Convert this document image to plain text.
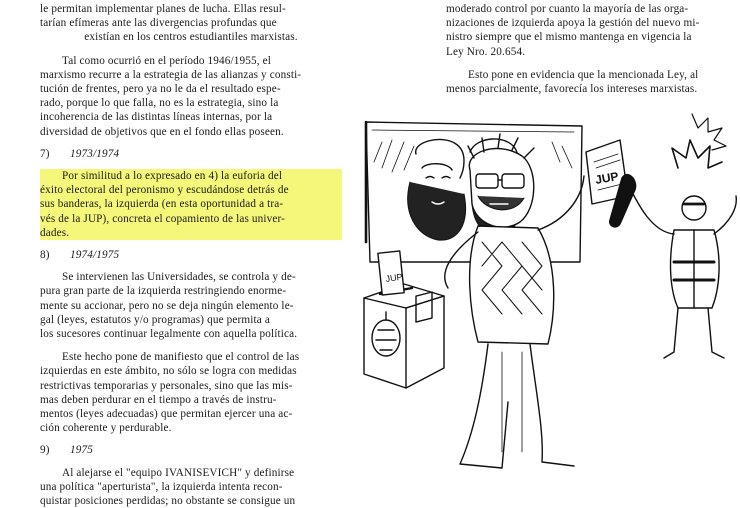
le permitan implementar planes de lucha. Ellas resul-
tarían efímeras ante las divergencias profundas que
existían en los centros estudiantiles marxistas.
Tal como ocurrió en el período 1946/1955, el
marxismo recurre a la estrategia de las alianzas y consti-
tución de frentes, pero ya no le da el resultado espe-
rado, porque lo que falla, no es la estrategia, sino la
incoherencia de las distintas líneas internas, por la
diversidad de objetivos que en el fondo ellas poseen.
7) 1973/1974
Por similitud a lo expresado en 4) la euforia del
éxito electoral del peronismo y escudándose detrás de
sus banderas, la izquierda (en esta oportunidad a tra-
vés de la JUP), concreta el copamiento de las univer-
dades.
8) 1974/1975
Se intervienen las Universidades, se controla y de-
pura gran parte de la izquierda restringiendo enorme-
mente su accionar, pero no se deja ningún elemento le-
gal (leyes, estatutos y/o programas) que permita a
los sucesores continuar legalmente con aquella política.
Este hecho pone de manifiesto que el control de las
izquierdas en este ámbito, no sólo se logra con medidas
restrictivas temporarias y personales, sino que las mis-
mas deben perdurar en el tiempo a través de instru-
mentos (leyes adecuadas) que permitan ejercer una ac-
ción coherente y perdurable.
9) 1975
Al alejarse el "equipo IVANISEVICH" y definirse
una política "aperturista", la izquierda intenta recon-
quistar posiciones perdidas; no obstante se consigue un
moderado control por cuanto la mayoría de las orga-
nizaciones de izquierda apoya la gestión del nuevo mi-
nistro siempre que el mismo mantenga en vigencia la
Ley Nro. 20.654.
Esto pone en evidencia que la mencionada Ley, al
menos parcialmente, favorecía los intereses marxistas.
JUP
JUP
